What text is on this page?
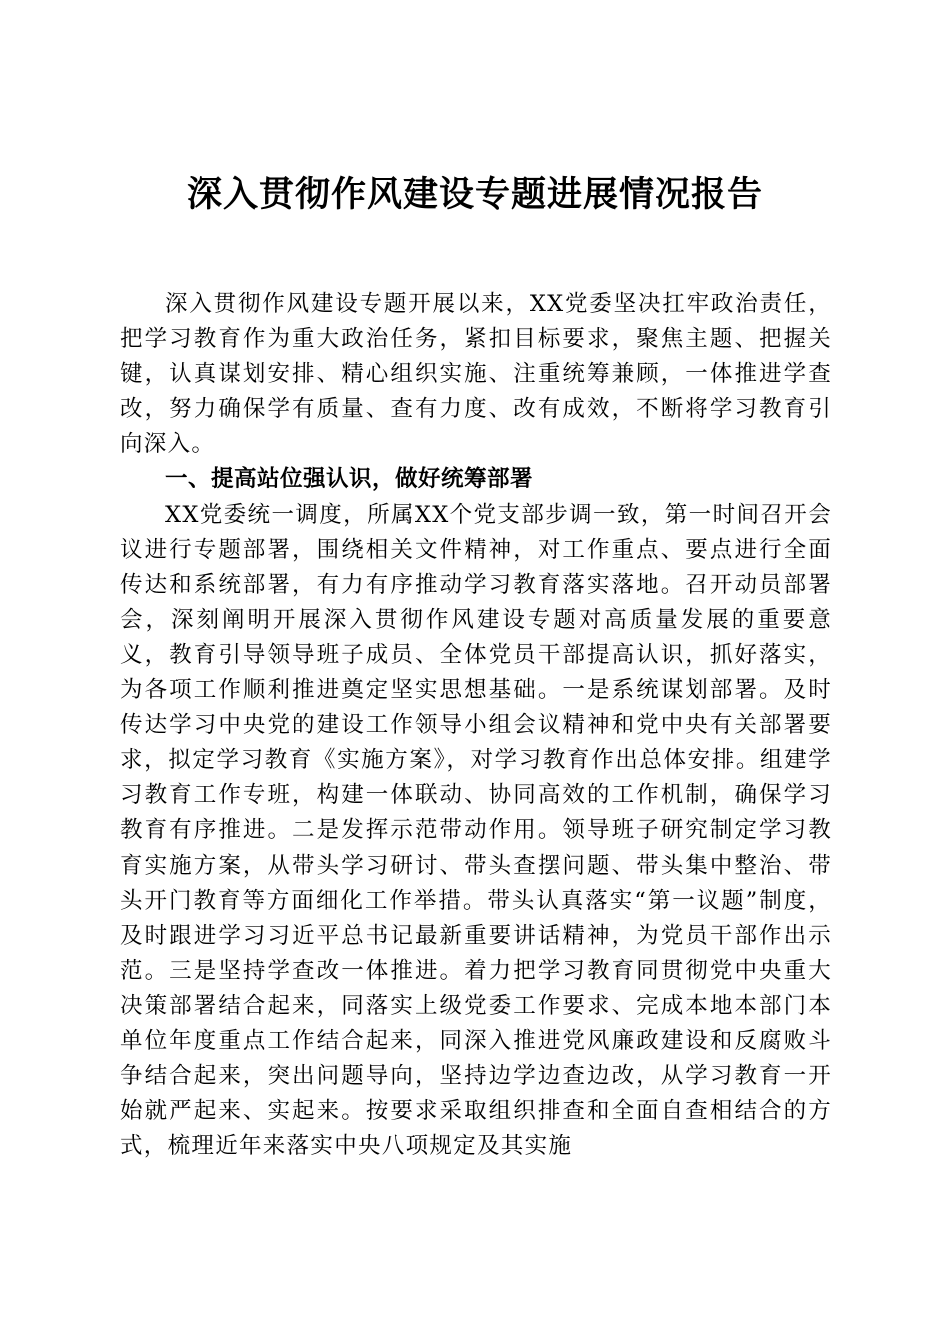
深入贯彻作风建设专题进展情况报告

深入贯彻作风建设专题开展以来，XX党委坚决扛牢政治责任，把学习教育作为重大政治任务，紧扣目标要求，聚焦主题、把握关键，认真谋划安排、精心组织实施、注重统筹兼顾，一体推进学查改，努力确保学有质量、查有力度、改有成效，不断将学习教育引向深入。

一、提高站位强认识，做好统筹部署

XX党委统一调度，所属XX个党支部步调一致，第一时间召开会议进行专题部署，围绕相关文件精神，对工作重点、要点进行全面传达和系统部署，有力有序推动学习教育落实落地。召开动员部署会，深刻阐明开展深入贯彻作风建设专题对高质量发展的重要意义，教育引导领导班子成员、全体党员干部提高认识，抓好落实，为各项工作顺利推进奠定坚实思想基础。一是系统谋划部署。及时传达学习中央党的建设工作领导小组会议精神和党中央有关部署要求，拟定学习教育《实施方案》，对学习教育作出总体安排。组建学习教育工作专班，构建一体联动、协同高效的工作机制，确保学习教育有序推进。二是发挥示范带动作用。领导班子研究制定学习教育实施方案，从带头学习研讨、带头查摆问题、带头集中整治、带头开门教育等方面细化工作举措。带头认真落实“第一议题”制度，及时跟进学习习近平总书记最新重要讲话精神，为党员干部作出示范。三是坚持学查改一体推进。着力把学习教育同贯彻党中央重大决策部署结合起来，同落实上级党委工作要求、完成本地本部门本单位年度重点工作结合起来，同深入推进党风廉政建设和反腐败斗争结合起来，突出问题导向，坚持边学边查边改，从学习教育一开始就严起来、实起来。按要求采取组织排查和全面自查相结合的方式，梳理近年来落实中央八项规定及其实施
